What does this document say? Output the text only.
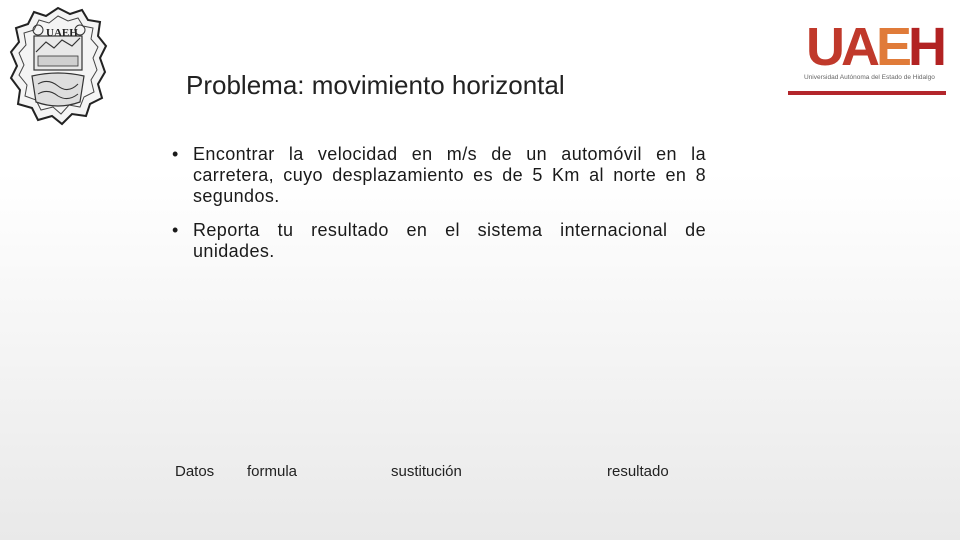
UAEH	UAEH
Universidad Autónoma del Estado de Hidalgo
Problema: movimiento horizontal
• Encontrar la velocidad en m/s de un automóvil en la carretera, cuyo desplazamiento es de 5 Km al norte en 8 segundos.
• Reporta tu resultado en el sistema internacional de unidades.
Datos formula	sustitución	resultado
